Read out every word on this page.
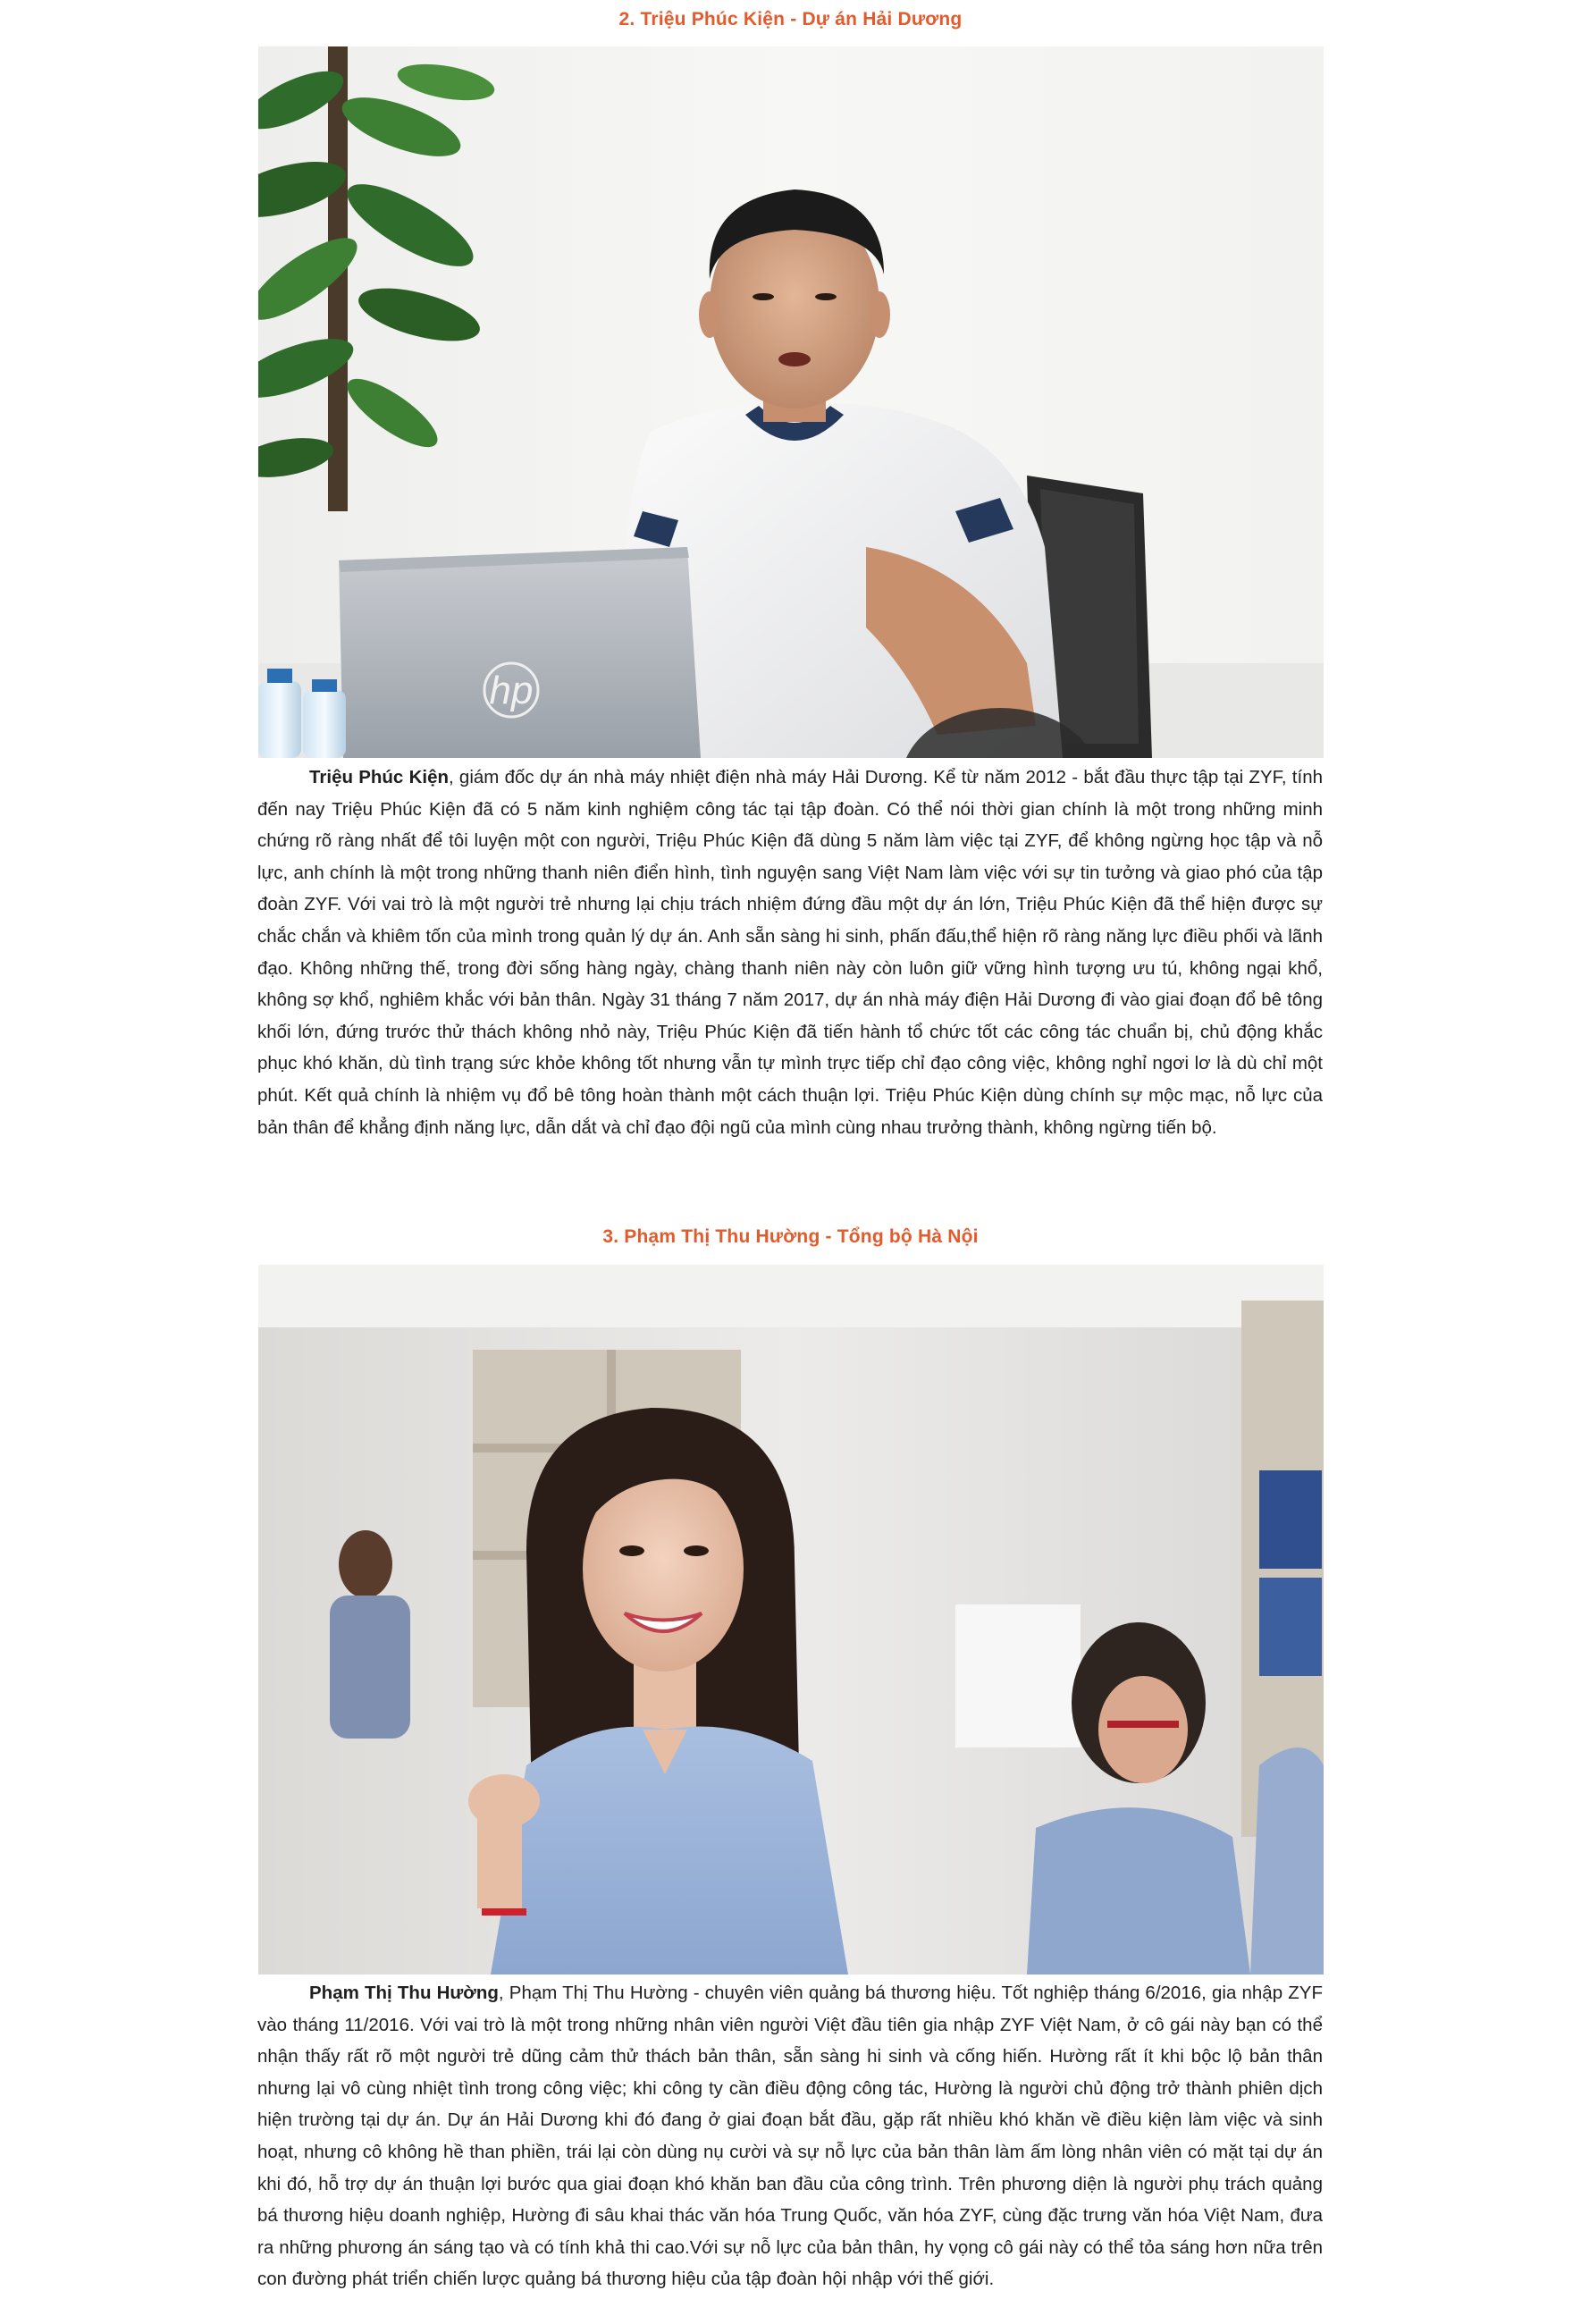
2. Triệu Phúc Kiện - Dự án Hải Dương
hp

Triệu Phúc Kiện, giám đốc dự án nhà máy nhiệt điện nhà máy Hải Dương. Kể từ năm 2012 - bắt đầu thực tập tại ZYF, tính đến nay Triệu Phúc Kiện đã có 5 năm kinh nghiệm công tác tại tập đoàn. Có thể nói thời gian chính là một trong những minh chứng rõ ràng nhất để tôi luyện một con người, Triệu Phúc Kiện đã dùng 5 năm làm việc tại ZYF, để không ngừng học tập và nỗ lực, anh chính là một trong những thanh niên điển hình, tình nguyện sang Việt Nam làm việc với sự tin tưởng và giao phó của tập đoàn ZYF. Với vai trò là một người trẻ nhưng lại chịu trách nhiệm đứng đầu một dự án lớn, Triệu Phúc Kiện đã thể hiện được sự chắc chắn và khiêm tốn của mình trong quản lý dự án. Anh sẵn sàng hi sinh, phấn đấu,thể hiện rõ ràng năng lực điều phối và lãnh đạo. Không những thế, trong đời sống hàng ngày, chàng thanh niên này còn luôn giữ vững hình tượng ưu tú, không ngại khổ, không sợ khổ, nghiêm khắc với bản thân. Ngày 31 tháng 7 năm 2017, dự án nhà máy điện Hải Dương đi vào giai đoạn đổ bê tông khối lớn, đứng trước thử thách không nhỏ này, Triệu Phúc Kiện đã tiến hành tổ chức tốt các công tác chuẩn bị, chủ động khắc phục khó khăn, dù tình trạng sức khỏe không tốt nhưng vẫn tự mình trực tiếp chỉ đạo công việc, không nghỉ ngơi lơ là dù chỉ một phút. Kết quả chính là nhiệm vụ đổ bê tông hoàn thành một cách thuận lợi. Triệu Phúc Kiện dùng chính sự mộc mạc, nỗ lực của bản thân để khẳng định năng lực, dẫn dắt và chỉ đạo đội ngũ của mình cùng nhau trưởng thành, không ngừng tiến bộ.

3. Phạm Thị Thu Hường - Tổng bộ Hà Nội

Phạm Thị Thu Hường, Phạm Thị Thu Hường - chuyên viên quảng bá thương hiệu. Tốt nghiệp tháng 6/2016, gia nhập ZYF vào tháng 11/2016. Với vai trò là một trong những nhân viên người Việt đầu tiên gia nhập ZYF Việt Nam, ở cô gái này bạn có thể nhận thấy rất rõ một người trẻ dũng cảm thử thách bản thân, sẵn sàng hi sinh và cống hiến. Hường rất ít khi bộc lộ bản thân nhưng lại vô cùng nhiệt tình trong công việc; khi công ty cần điều động công tác, Hường là người chủ động trở thành phiên dịch hiện trường tại dự án. Dự án Hải Dương khi đó đang ở giai đoạn bắt đầu, gặp rất nhiều khó khăn về điều kiện làm việc và sinh hoạt, nhưng cô không hề than phiền, trái lại còn dùng nụ cười và sự nỗ lực của bản thân làm ấm lòng nhân viên có mặt tại dự án khi đó, hỗ trợ dự án thuận lợi bước qua giai đoạn khó khăn ban đầu của công trình. Trên phương diện là người phụ trách quảng bá thương hiệu doanh nghiệp, Hường đi sâu khai thác văn hóa Trung Quốc, văn hóa ZYF, cùng đặc trưng văn hóa Việt Nam, đưa ra những phương án sáng tạo và có tính khả thi cao.Với sự nỗ lực của bản thân, hy vọng cô gái này có thể tỏa sáng hơn nữa trên con đường phát triển chiến lược quảng bá thương hiệu của tập đoàn hội nhập với thế giới.
